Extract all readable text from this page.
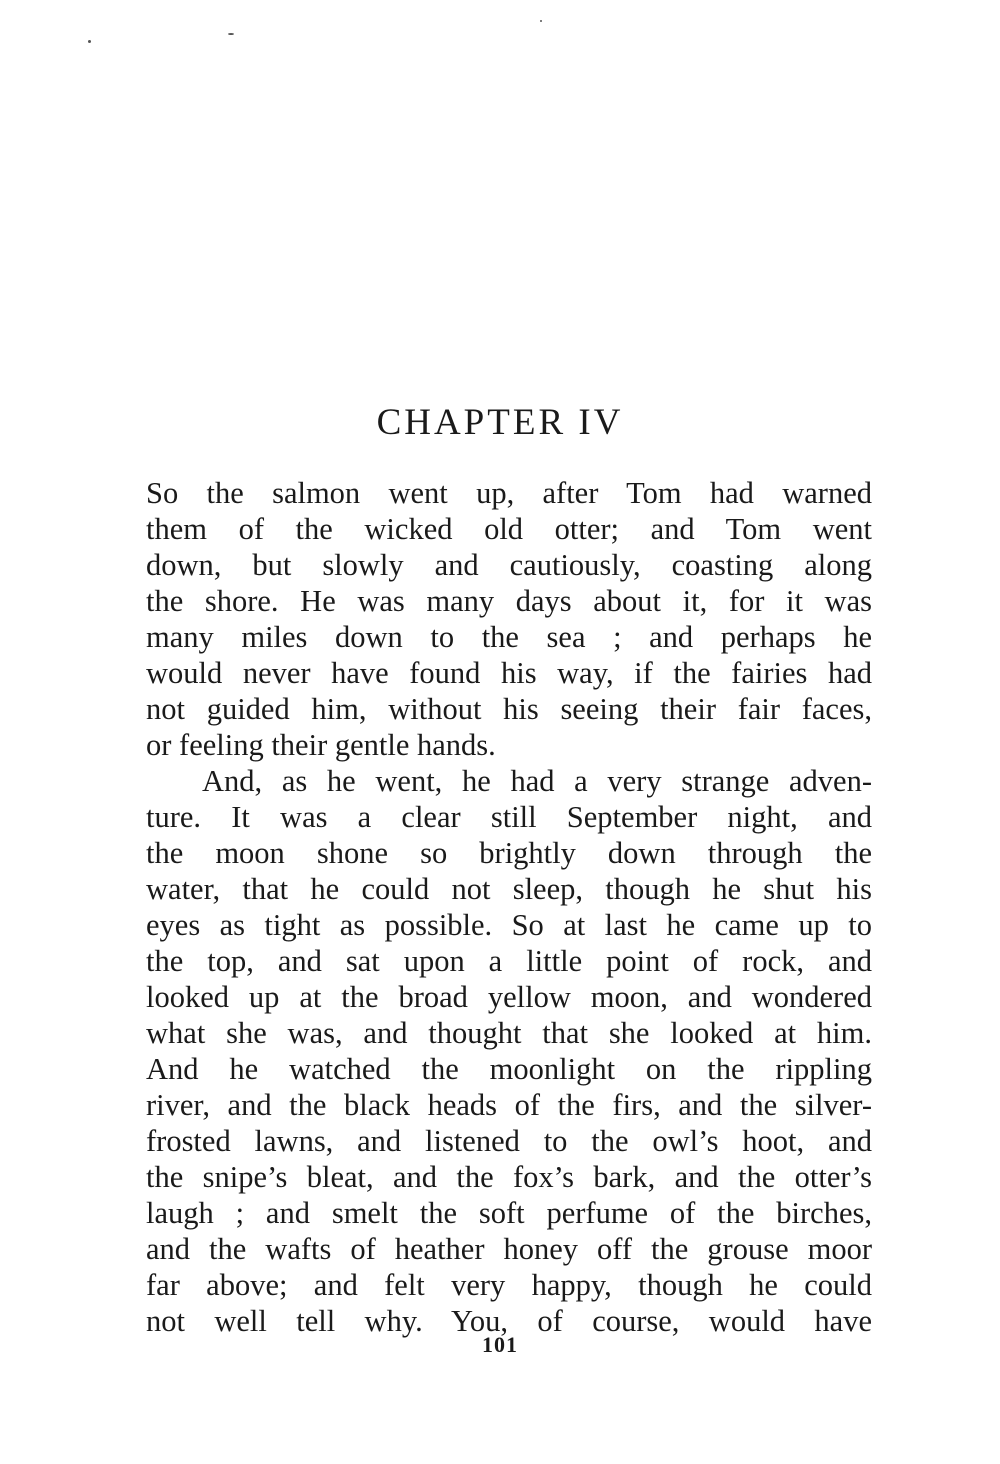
CHAPTER IV
So the salmon went up, after Tom had warned
them of the wicked old otter; and Tom went
down, but slowly and cautiously, coasting along
the shore. He was many days about it, for it was
many miles down to the sea ; and perhaps he
would never have found his way, if the fairies had
not guided him, without his seeing their fair faces,
or feeling their gentle hands.
And, as he went, he had a very strange adven-
ture. It was a clear still September night, and
the moon shone so brightly down through the
water, that he could not sleep, though he shut his
eyes as tight as possible. So at last he came up to
the top, and sat upon a little point of rock, and
looked up at the broad yellow moon, and wondered
what she was, and thought that she looked at him.
And he watched the moonlight on the rippling
river, and the black heads of the firs, and the silver-
frosted lawns, and listened to the owl’s hoot, and
the snipe’s bleat, and the fox’s bark, and the otter’s
laugh ; and smelt the soft perfume of the birches,
and the wafts of heather honey off the grouse moor
far above; and felt very happy, though he could
not well tell why. You, of course, would have
101
